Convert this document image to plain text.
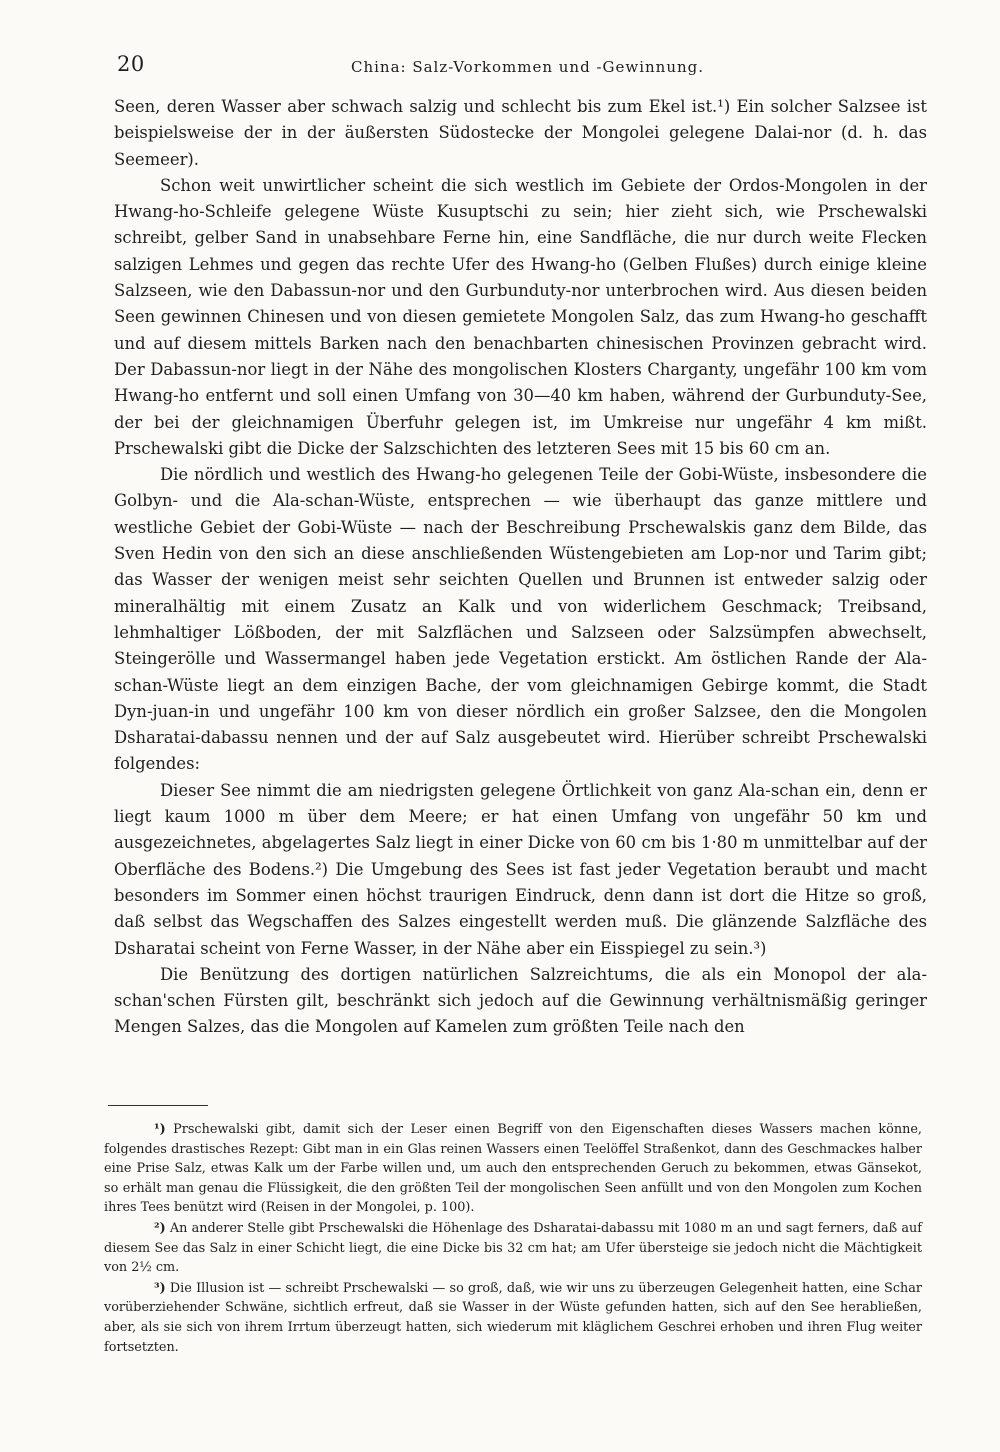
20	China: Salz-Vorkommen und -Gewinnung.

Seen, deren Wasser aber schwach salzig und schlecht bis zum Ekel ist.¹) Ein solcher Salzsee ist beispielsweise der in der äußersten Südostecke der Mongolei gelegene Dalai-nor (d. h. das Seemeer).

Schon weit unwirtlicher scheint die sich westlich im Gebiete der Ordos-Mongolen in der Hwang-ho-Schleife gelegene Wüste Kusuptschi zu sein; hier zieht sich, wie Prschewalski schreibt, gelber Sand in unabsehbare Ferne hin, eine Sandfläche, die nur durch weite Flecken salzigen Lehmes und gegen das rechte Ufer des Hwang-ho (Gelben Flußes) durch einige kleine Salzseen, wie den Dabassun-nor und den Gurbunduty-nor unterbrochen wird. Aus diesen beiden Seen gewinnen Chinesen und von diesen gemietete Mongolen Salz, das zum Hwang-ho geschafft und auf diesem mittels Barken nach den benachbarten chinesischen Provinzen gebracht wird. Der Dabassun-nor liegt in der Nähe des mongolischen Klosters Charganty, ungefähr 100 km vom Hwang-ho entfernt und soll einen Umfang von 30—40 km haben, während der Gurbunduty-See, der bei der gleichnamigen Überfuhr gelegen ist, im Umkreise nur ungefähr 4 km mißt. Prschewalski gibt die Dicke der Salzschichten des letzteren Sees mit 15 bis 60 cm an.

Die nördlich und westlich des Hwang-ho gelegenen Teile der Gobi-Wüste, insbesondere die Golbyn- und die Ala-schan-Wüste, entsprechen — wie überhaupt das ganze mittlere und westliche Gebiet der Gobi-Wüste — nach der Beschreibung Prschewalskis ganz dem Bilde, das Sven Hedin von den sich an diese anschließenden Wüstengebieten am Lop-nor und Tarim gibt; das Wasser der wenigen meist sehr seichten Quellen und Brunnen ist entweder salzig oder mineralhältig mit einem Zusatz an Kalk und von widerlichem Geschmack; Treibsand, lehmhaltiger Lößboden, der mit Salzflächen und Salzseen oder Salzsümpfen abwechselt, Steingerölle und Wassermangel haben jede Vegetation erstickt. Am östlichen Rande der Ala-schan-Wüste liegt an dem einzigen Bache, der vom gleichnamigen Gebirge kommt, die Stadt Dyn-juan-in und ungefähr 100 km von dieser nördlich ein großer Salzsee, den die Mongolen Dsharatai-dabassu nennen und der auf Salz ausgebeutet wird. Hierüber schreibt Prschewalski folgendes:

Dieser See nimmt die am niedrigsten gelegene Örtlichkeit von ganz Ala-schan ein, denn er liegt kaum 1000 m über dem Meere; er hat einen Umfang von ungefähr 50 km und ausgezeichnetes, abgelagertes Salz liegt in einer Dicke von 60 cm bis 1·80 m unmittelbar auf der Oberfläche des Bodens.²) Die Umgebung des Sees ist fast jeder Vegetation beraubt und macht besonders im Sommer einen höchst traurigen Eindruck, denn dann ist dort die Hitze so groß, daß selbst das Wegschaffen des Salzes eingestellt werden muß. Die glänzende Salzfläche des Dsharatai scheint von Ferne Wasser, in der Nähe aber ein Eisspiegel zu sein.³)

Die Benützung des dortigen natürlichen Salzreichtums, die als ein Monopol der ala-schan'schen Fürsten gilt, beschränkt sich jedoch auf die Gewinnung verhältnismäßig geringer Mengen Salzes, das die Mongolen auf Kamelen zum größten Teile nach den

¹) Prschewalski gibt, damit sich der Leser einen Begriff von den Eigenschaften dieses Wassers machen könne, folgendes drastisches Rezept: Gibt man in ein Glas reinen Wassers einen Teelöffel Straßenkot, dann des Geschmackes halber eine Prise Salz, etwas Kalk um der Farbe willen und, um auch den entsprechenden Geruch zu bekommen, etwas Gänsekot, so erhält man genau die Flüssigkeit, die den größten Teil der mongolischen Seen anfüllt und von den Mongolen zum Kochen ihres Tees benützt wird (Reisen in der Mongolei, p. 100).

²) An anderer Stelle gibt Prschewalski die Höhenlage des Dsharatai-dabassu mit 1080 m an und sagt ferners, daß auf diesem See das Salz in einer Schicht liegt, die eine Dicke bis 32 cm hat; am Ufer übersteige sie jedoch nicht die Mächtigkeit von 2½ cm.

³) Die Illusion ist — schreibt Prschewalski — so groß, daß, wie wir uns zu überzeugen Gelegenheit hatten, eine Schar vorüberziehender Schwäne, sichtlich erfreut, daß sie Wasser in der Wüste gefunden hatten, sich auf den See herabließen, aber, als sie sich von ihrem Irrtum überzeugt hatten, sich wiederum mit kläglichem Geschrei erhoben und ihren Flug weiter fortsetzten.
